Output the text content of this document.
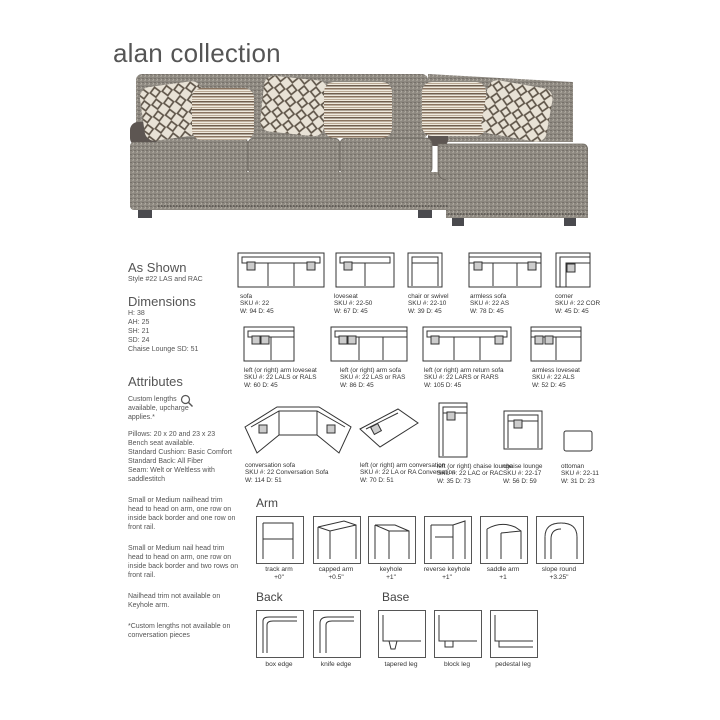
alan collection
As Shown
Style #22 LAS and RAC
Dimensions
H: 38
AH: 25
SH: 21
SD: 24
Chaise Lounge SD: 51
Attributes
Custom lengths available, upcharge applies.*
Pillows: 20 x 20 and 23 x 23
Bench seat available.
Standard Cushion: Basic Comfort
Standard Back: All Fiber
Seam: Welt or Weltless with saddlestitch
Small or Medium nailhead trim head to head on arm, one row on inside back border and one row on front rail.
Small or Medium nail head trim head to head on arm, one row on inside back border and two rows on front rail.
Nailhead trim not available on Keyhole arm.
*Custom lengths not available on conversation pieces
sofa
SKU #: 22
W: 94 D: 45
loveseat
SKU #: 22-50
W: 67 D: 45
chair or swivel
SKU #: 22-10
W: 39 D: 45
armless sofa
SKU #: 22 AS
W: 78 D: 45
corner
SKU #: 22 COR
W: 45 D: 45
left (or right) arm loveseat
SKU #: 22 LALS or RALS
W: 60 D: 45
left (or right) arm sofa
SKU #: 22 LAS or RAS
W: 86 D: 45
left (or right) arm return sofa
SKU #: 22 LARS or RARS
W: 105 D: 45
armless loveseat
SKU #: 22 ALS
W: 52 D: 45
conversation sofa
SKU #: 22 Conversation Sofa
W: 114 D: 51
left (or right) arm conversation
SKU #: 22 LA or RA Conversation
W: 70 D: 51
left (or right) chaise lounge
SKU #: 22 LAC or RAC
W: 35 D: 73
chaise lounge
SKU #: 22-17
W: 56 D: 59
ottoman
SKU #: 22-11
W: 31 D: 23
Arm
track arm
+0"
capped arm
+0.5"
keyhole
+1"
reverse keyhole
+1"
saddle arm
+1
slope round
+3.25"
Back
box edge	knife edge
Base
tapered leg	block leg	pedestal leg
